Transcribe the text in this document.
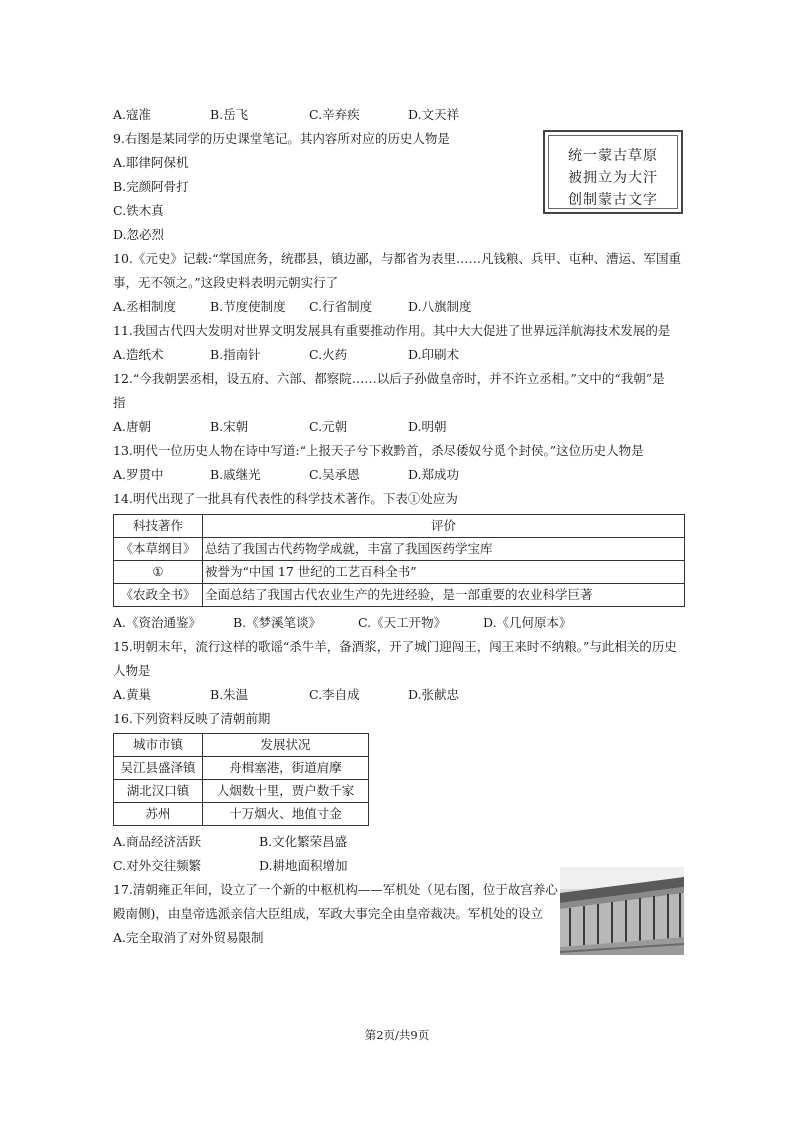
A.寇准	B.岳飞	C.辛弃疾	D.文天祥
9.右图是某同学的历史课堂笔记。其内容所对应的历史人物是
A.耶律阿保机
B.完颜阿骨打
C.铁木真
D.忽必烈
统一蒙古草原
被拥立为大汗
创制蒙古文字
10.《元史》记载:“掌国庶务，统郡县，镇边鄙，与都省为表里……凡钱粮、兵甲、屯种、漕运、军国重
事，无不领之。”这段史料表明元朝实行了
A.丞相制度	B.节度使制度 C.行省制度	D.八旗制度
11.我国古代四大发明对世界文明发展具有重要推动作用。其中大大促进了世界远洋航海技术发展的是
A.造纸术	B.指南针	C.火药	D.印刷术
12.“今我朝罢丞相，设五府、六部、都察院……以后子孙做皇帝时，并不许立丞相。”文中的“我朝”是
指
A.唐朝	B.宋朝	C.元朝	D.明朝
13.明代一位历史人物在诗中写道:“上报天子兮下救黔首，杀尽倭奴兮觅个封侯。”这位历史人物是
A.罗贯中	B.戚继光	C.吴承恩	D.郑成功
14.明代出现了一批具有代表性的科学技术著作。下表①处应为
科技著作	评价
《本草纲目》	总结了我国古代药物学成就，丰富了我国医药学宝库
①	被誉为“中国 17 世纪的工艺百科全书”
《农政全书》	全面总结了我国古代农业生产的先进经验，是一部重要的农业科学巨著
A.《资治通鉴》	B.《梦溪笔谈》	C.《天工开物》	D.《几何原本》
15.明朝末年，流行这样的歌谣“杀牛羊，备酒浆，开了城门迎闯王，闯王来时不纳粮。”与此相关的历史
人物是
A.黄巢	B.朱温	C.李自成	D.张献忠
16.下列资料反映了清朝前期
城市市镇	发展状况
吴江县盛泽镇	舟楫塞港，街道肩摩
湖北汉口镇	人烟数十里，贾户数千家
苏州	十万烟火、地值寸金
A.商品经济活跃	B.文化繁荣昌盛
C.对外交往频繁	D.耕地面积增加
17.清朝雍正年间，设立了一个新的中枢机构——军机处（见右图，位于故宫养心
殿南侧)，由皇帝选派亲信大臣组成，军政大事完全由皇帝裁决。军机处的设立
A.完全取消了对外贸易限制
第2页/共9页
